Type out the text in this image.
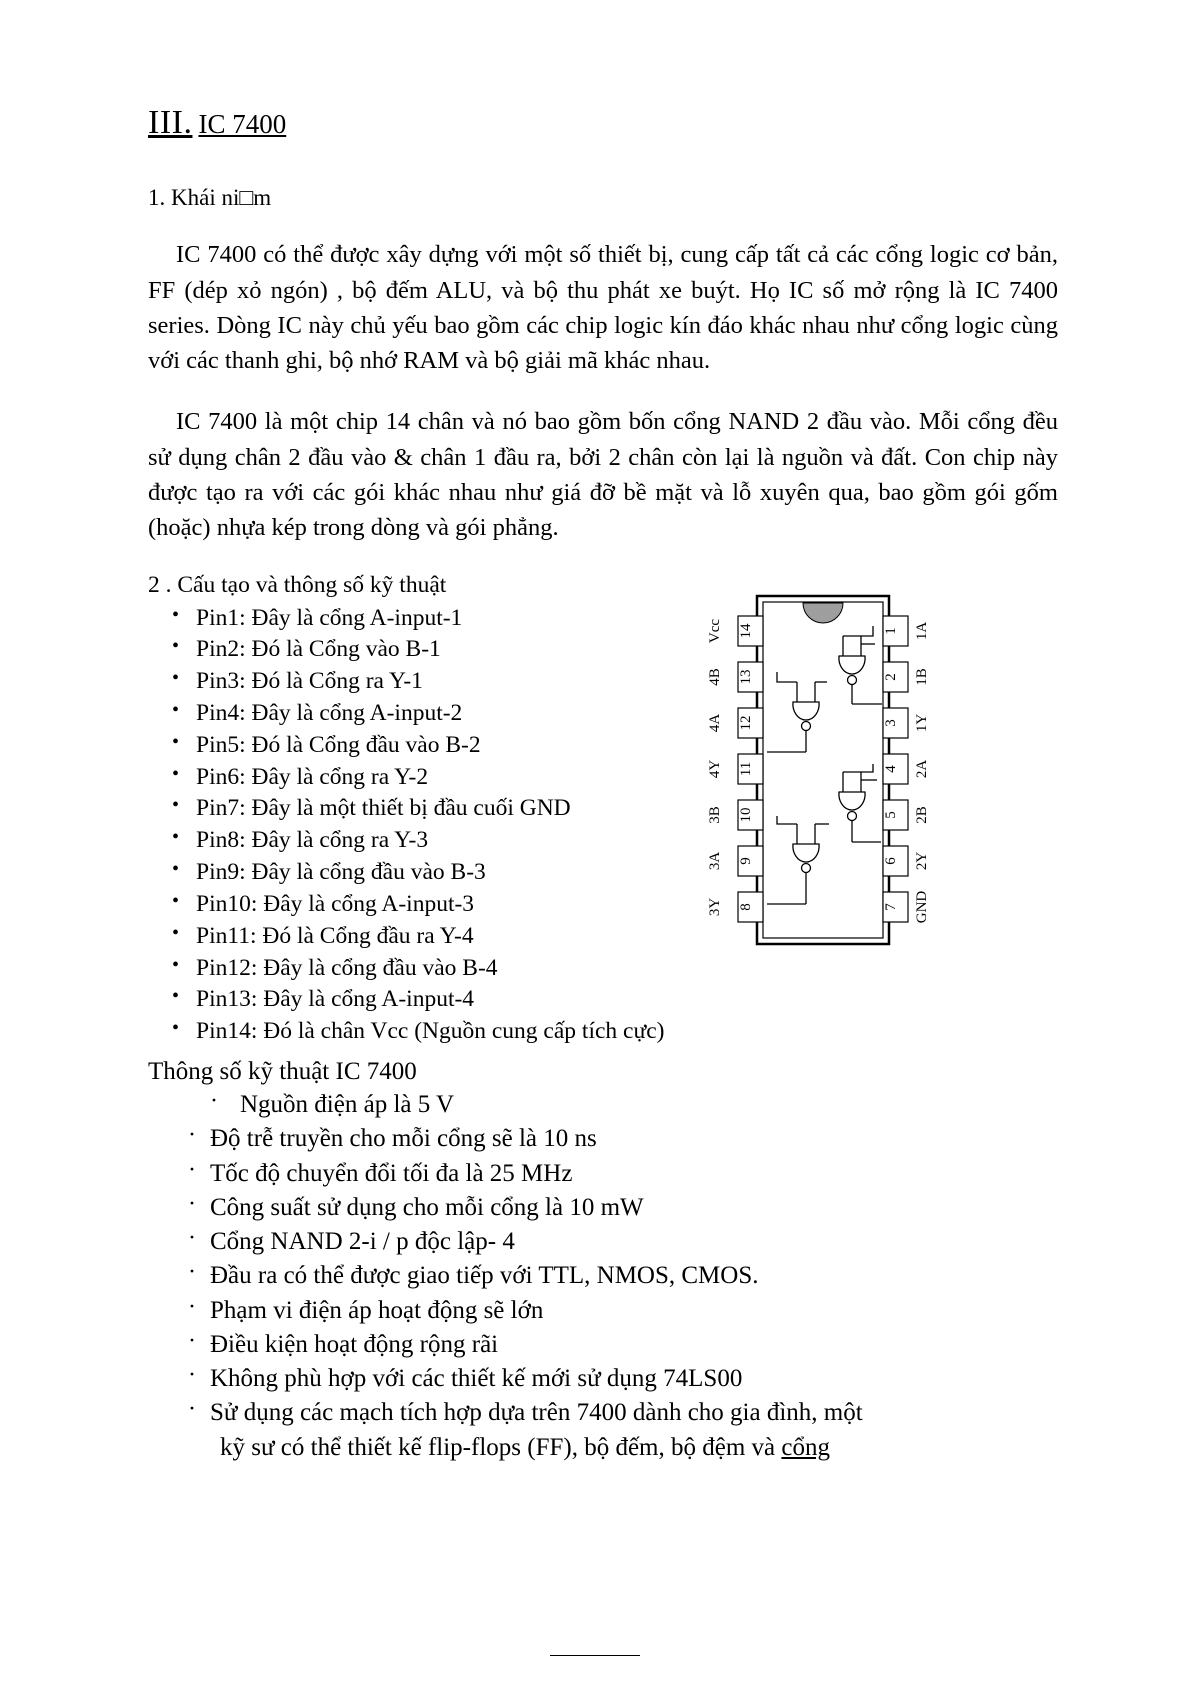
III. IC 7400
1. Khái ni□m

IC 7400 có thể được xây dựng với một số thiết bị, cung cấp tất cả các cổng logic cơ bản, FF (dép xỏ ngón) , bộ đếm ALU, và bộ thu phát xe buýt. Họ IC số mở rộng là IC 7400 series. Dòng IC này chủ yếu bao gồm các chip logic kín đáo khác nhau như cổng logic cùng với các thanh ghi, bộ nhớ RAM và bộ giải mã khác nhau.

IC 7400 là một chip 14 chân và nó bao gồm bốn cổng NAND 2 đầu vào. Mỗi cổng đều sử dụng chân 2 đầu vào & chân 1 đầu ra, bởi 2 chân còn lại là nguồn và đất. Con chip này được tạo ra với các gói khác nhau như giá đỡ bề mặt và lỗ xuyên qua, bao gồm gói gốm (hoặc) nhựa kép trong dòng và gói phẳng.

2 . Cấu tạo và thông số kỹ thuật
• Pin1: Đây là cổng A-input-1
• Pin2: Đó là Cổng vào B-1
• Pin3: Đó là Cổng ra Y-1
• Pin4: Đây là cổng A-input-2
• Pin5: Đó là Cổng đầu vào B-2
• Pin6: Đây là cổng ra Y-2
• Pin7: Đây là một thiết bị đầu cuối GND
• Pin8: Đây là cổng ra Y-3
• Pin9: Đây là cổng đầu vào B-3
• Pin10: Đây là cổng A-input-3
• Pin11: Đó là Cổng đầu ra Y-4
• Pin12: Đây là cổng đầu vào B-4
• Pin13: Đây là cổng A-input-4
• Pin14: Đó là chân Vcc (Nguồn cung cấp tích cực)
Thông số kỹ thuật IC 7400
· Nguồn điện áp là 5 V
· Độ trễ truyền cho mỗi cổng sẽ là 10 ns
· Tốc độ chuyển đổi tối đa là 25 MHz
· Công suất sử dụng cho mỗi cổng là 10 mW
· Cổng NAND 2-i / p độc lập- 4
· Đầu ra có thể được giao tiếp với TTL, NMOS, CMOS.
· Phạm vi điện áp hoạt động sẽ lớn
· Điều kiện hoạt động rộng rãi
· Không phù hợp với các thiết kế mới sử dụng 74LS00
· Sử dụng các mạch tích hợp dựa trên 7400 dành cho gia đình, một
kỹ sư có thể thiết kế flip-flops (FF), bộ đếm, bộ đệm và cổng
14
13
12
11
10
9
8
Vcc
4B
4A
4Y
3B
3A
3Y
1
2
3
4
5
6
7
1A
1B
1Y
2A
2B
2Y
GND
